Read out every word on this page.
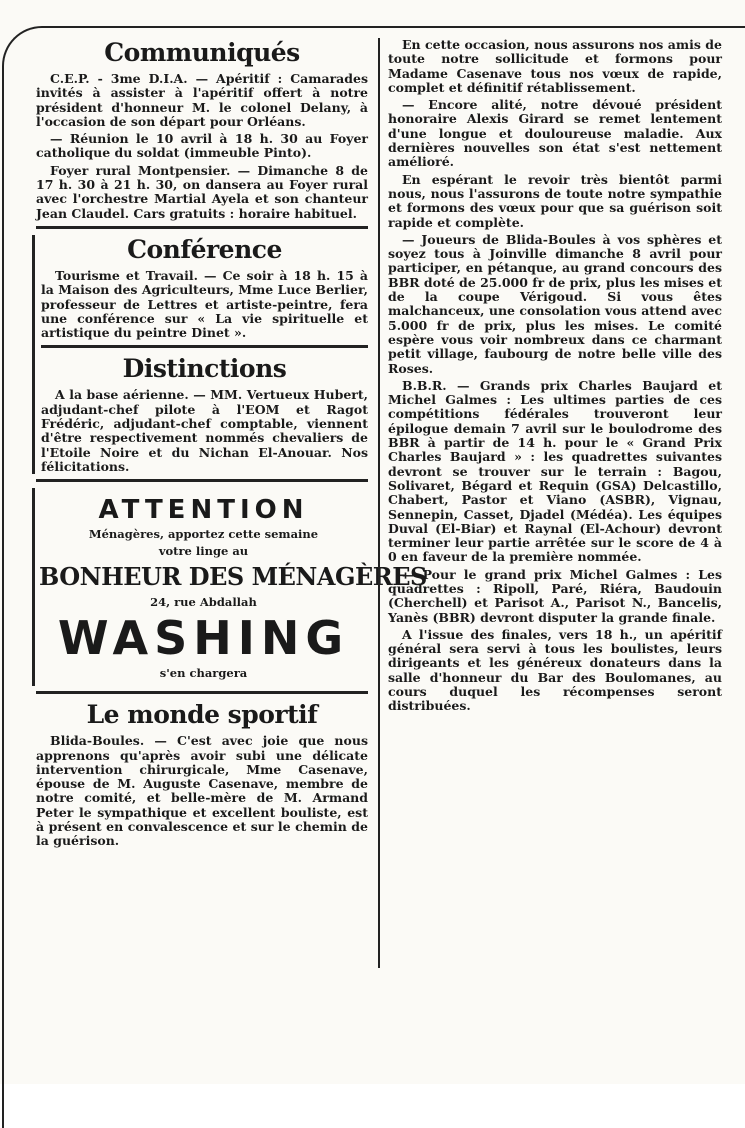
Communiqués

C.E.P. - 3me D.I.A. — Apéritif : Camarades invités à assister à l'apéritif offert à notre président d'honneur M. le colonel Delany, à l'occasion de son départ pour Orléans.

— Réunion le 10 avril à 18 h. 30 au Foyer catholique du soldat (immeuble Pinto).

Foyer rural Montpensier. — Dimanche 8 de 17 h. 30 à 21 h. 30, on dansera au Foyer rural avec l'orchestre Martial Ayela et son chanteur Jean Claudel. Cars gratuits : horaire habituel.

Conférence

Tourisme et Travail. — Ce soir à 18 h. 15 à la Maison des Agriculteurs, Mme Luce Berlier, professeur de Lettres et artiste-peintre, fera une conférence sur « La vie spirituelle et artistique du peintre Dinet ».

Distinctions

A la base aérienne. — MM. Vertueux Hubert, adjudant-chef pilote à l'EOM et Ragot Frédéric, adjudant-chef comptable, viennent d'être respectivement nommés chevaliers de l'Etoile Noire et du Nichan El-Anouar. Nos félicitations.

ATTENTION
Ménagères, apportez cette semaine
votre linge au
BONHEUR DES MÉNAGÈRES
24, rue Abdallah
WASHING
s'en chargera
Le monde sportif

Blida-Boules. — C'est avec joie que nous apprenons qu'après avoir subi une délicate intervention chirurgicale, Mme Casenave, épouse de M. Auguste Casenave, membre de notre comité, et belle-mère de M. Armand Peter le sympathique et excellent bouliste, est à présent en convalescence et sur le chemin de la guérison.

En cette occasion, nous assurons nos amis de toute notre sollicitude et formons pour Madame Casenave tous nos vœux de rapide, complet et définitif rétablissement.

— Encore alité, notre dévoué président honoraire Alexis Girard se remet lentement d'une longue et douloureuse maladie. Aux dernières nouvelles son état s'est nettement amélioré.

En espérant le revoir très bientôt parmi nous, nous l'assurons de toute notre sympathie et formons des vœux pour que sa guérison soit rapide et complète.

— Joueurs de Blida-Boules à vos sphères et soyez tous à Joinville dimanche 8 avril pour participer, en pétanque, au grand concours des BBR doté de 25.000 fr de prix, plus les mises et de la coupe Vérigoud. Si vous êtes malchanceux, une consolation vous attend avec 5.000 fr de prix, plus les mises. Le comité espère vous voir nombreux dans ce charmant petit village, faubourg de notre belle ville des Roses.

B.B.R. — Grands prix Charles Baujard et Michel Galmes : Les ultimes parties de ces compétitions fédérales trouveront leur épilogue demain 7 avril sur le boulodrome des BBR à partir de 14 h. pour le « Grand Prix Charles Baujard » : les quadrettes suivantes devront se trouver sur le terrain : Bagou, Solivaret, Bégard et Requin (GSA) Delcastillo, Chabert, Pastor et Viano (ASBR), Vignau, Sennepin, Casset, Djadel (Médéa). Les équipes Duval (El-Biar) et Raynal (El-Achour) devront terminer leur partie arrêtée sur le score de 4 à 0 en faveur de la première nommée.

— Pour le grand prix Michel Galmes : Les quadrettes : Ripoll, Paré, Riéra, Baudouin (Cherchell) et Parisot A., Parisot N., Bancelis, Yanès (BBR) devront disputer la grande finale.

A l'issue des finales, vers 18 h., un apéritif général sera servi à tous les boulistes, leurs dirigeants et les généreux donateurs dans la salle d'honneur du Bar des Boulomanes, au cours duquel les récompenses seront distribuées.
